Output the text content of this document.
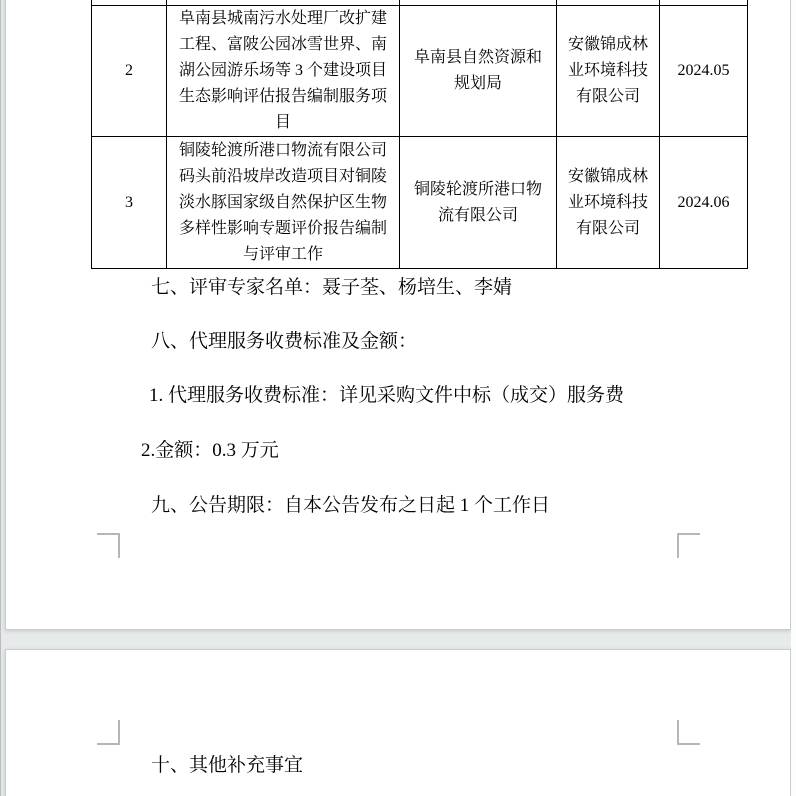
2	阜南县城南污水处理厂改扩建工程、富陂公园冰雪世界、南湖公园游乐场等 3 个建设项目生态影响评估报告编制服务项目	阜南县自然资源和规划局	安徽锦成林业环境科技有限公司	2024.05
3	铜陵轮渡所港口物流有限公司码头前沿坡岸改造项目对铜陵淡水豚国家级自然保护区生物多样性影响专题评价报告编制与评审工作	铜陵轮渡所港口物流有限公司	安徽锦成林业环境科技有限公司	2024.06
七、评审专家名单：聂子荃、杨培生、李婧
八、代理服务收费标准及金额：
1. 代理服务收费标准：详见采购文件中标（成交）服务费
2.金额：0.3 万元
九、公告期限：自本公告发布之日起 1 个工作日
十、其他补充事宜
